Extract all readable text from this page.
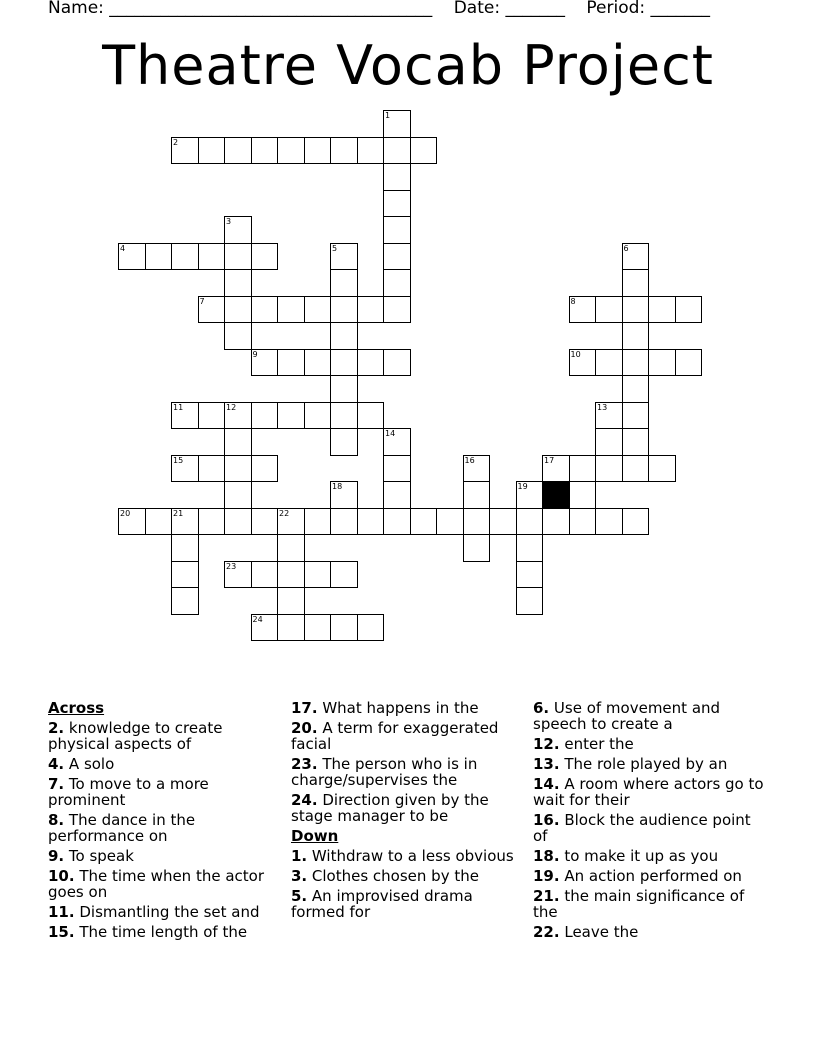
Name: ______________________________________ Date: _______ Period: _______
Theatre Vocab Project
1
2
3
4	5	6
7	8
9	10
11	12	13
14
15	16	17
18	19
20	21	22
23
24
Across
2. knowledge to create physical aspects of
4. A solo
7. To move to a more prominent
8. The dance in the performance on
9. To speak
10. The time when the actor goes on
11. Dismantling the set and
15. The time length of the
17. What happens in the
20. A term for exaggerated facial
23. The person who is in charge/supervises the
24. Direction given by the stage manager to be
Down
1. Withdraw to a less obvious
3. Clothes chosen by the
5. An improvised drama formed for
6. Use of movement and speech to create a
12. enter the
13. The role played by an
14. A room where actors go to wait for their
16. Block the audience point of
18. to make it up as you
19. An action performed on
21. the main significance of the
22. Leave the
